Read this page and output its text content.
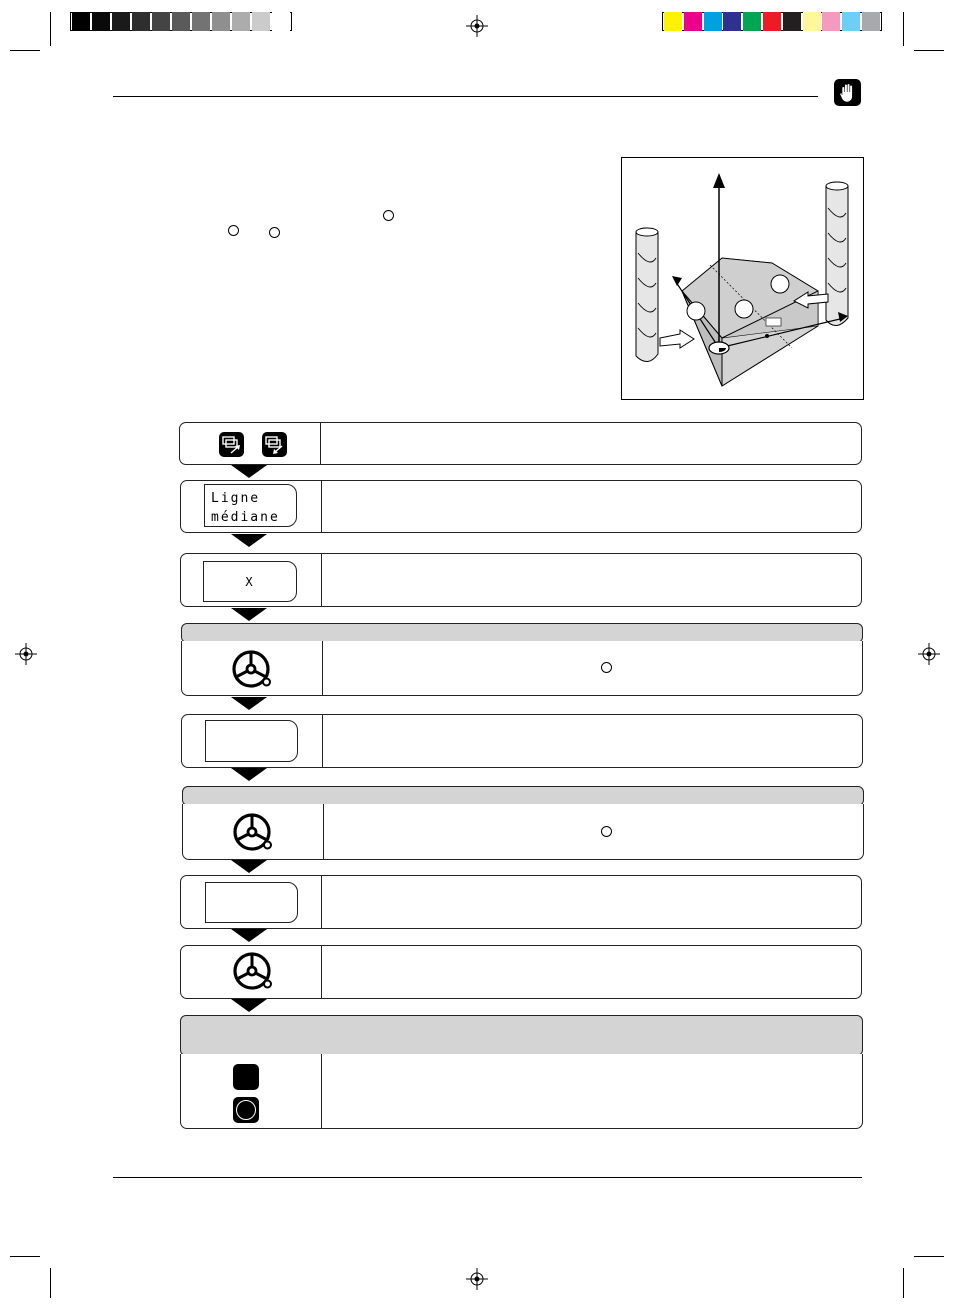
Ligne
médiane
X
